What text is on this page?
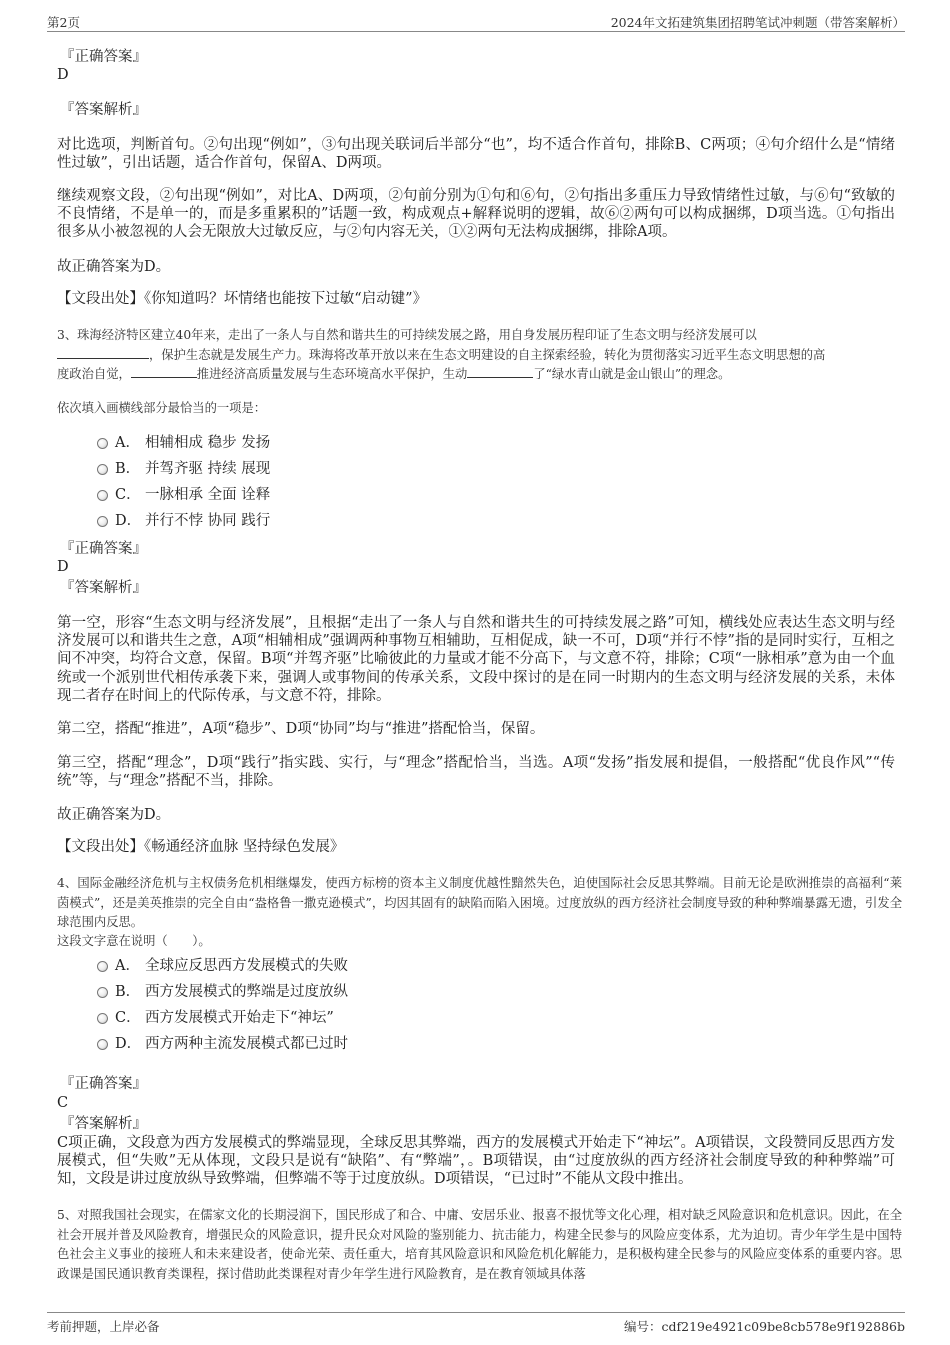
第2页	2024年文拓建筑集团招聘笔试冲刺题（带答案解析）
『正确答案』
D
『答案解析』
对比选项，判断首句。②句出现“例如”，③句出现关联词后半部分“也”，均不适合作首句，排除B、C两项；④句介绍什么是“情绪性过敏”，引出话题，适合作首句，保留A、D两项。
继续观察文段，②句出现“例如”，对比A、D两项，②句前分别为①句和⑥句，②句指出多重压力导致情绪性过敏，与⑥句“致敏的不良情绪，不是单一的，而是多重累积的”话题一致，构成观点+解释说明的逻辑，故⑥②两句可以构成捆绑，D项当选。①句指出很多从小被忽视的人会无限放大过敏反应，与②句内容无关，①②两句无法构成捆绑，排除A项。
故正确答案为D。
【文段出处】《你知道吗？坏情绪也能按下过敏“启动键”》
3、珠海经济特区建立40年来，走出了一条人与自然和谐共生的可持续发展之路，用自身发展历程印证了生态文明与经济发展可以
，保护生态就是发展生产力。珠海将改革开放以来在生态文明建设的自主探索经验，转化为贯彻落实习近平生态文明思想的高
度政治自觉，	推进经济高质量发展与生态环境高水平保护，生动	了“绿水青山就是金山银山”的理念。
依次填入画横线部分最恰当的一项是：
A． 相辅相成 稳步 发扬
B． 并驾齐驱 持续 展现
C． 一脉相承 全面 诠释
D． 并行不悖 协同 践行
『正确答案』
D
『答案解析』
第一空，形容“生态文明与经济发展”，且根据“走出了一条人与自然和谐共生的可持续发展之路”可知，横线处应表达生态文明与经济发展可以和谐共生之意，A项“相辅相成”强调两种事物互相辅助，互相促成，缺一不可，D项“并行不悖”指的是同时实行，互相之间不冲突，均符合文意，保留。B项“并驾齐驱”比喻彼此的力量或才能不分高下，与文意不符，排除；C项“一脉相承”意为由一个血统或一个派别世代相传承袭下来，强调人或事物间的传承关系，文段中探讨的是在同一时期内的生态文明与经济发展的关系，未体现二者存在时间上的代际传承，与文意不符，排除。
第二空，搭配“推进”，A项“稳步”、D项“协同”均与“推进”搭配恰当，保留。
第三空，搭配“理念”，D项“践行”指实践、实行，与“理念”搭配恰当，当选。A项“发扬”指发展和提倡，一般搭配“优良作风”“传统”等，与“理念”搭配不当，排除。
故正确答案为D。
【文段出处】《畅通经济血脉 坚持绿色发展》
4、国际金融经济危机与主权债务危机相继爆发，使西方标榜的资本主义制度优越性黯然失色，迫使国际社会反思其弊端。目前无论是欧洲推崇的高福利“莱茵模式”，还是美英推崇的完全自由“盎格鲁一撒克逊模式”，均因其固有的缺陷而陷入困境。过度放纵的西方经济社会制度导致的种种弊端暴露无遗，引发全球范围内反思。
这段文字意在说明（　　）。
A． 全球应反思西方发展模式的失败
B． 西方发展模式的弊端是过度放纵
C． 西方发展模式开始走下“神坛”
D． 西方两种主流发展模式都已过时
『正确答案』
C
『答案解析』
C项正确，文段意为西方发展模式的弊端显现，全球反思其弊端，西方的发展模式开始走下“神坛”。A项错误，文段赞同反思西方发展模式，但“失败”无从体现，文段只是说有“缺陷”、有“弊端”，。B项错误，由“过度放纵的西方经济社会制度导致的种种弊端”可知，文段是讲过度放纵导致弊端，但弊端不等于过度放纵。D项错误，“已过时”不能从文段中推出。
5、对照我国社会现实，在儒家文化的长期浸润下，国民形成了和合、中庸、安居乐业、报喜不报忧等文化心理，相对缺乏风险意识和危机意识。因此，在全社会开展并普及风险教育，增强民众的风险意识，提升民众对风险的鉴别能力、抗击能力，构建全民参与的风险应变体系，尤为迫切。青少年学生是中国特色社会主义事业的接班人和未来建设者，使命光荣、责任重大，培育其风险意识和风险危机化解能力，是积极构建全民参与的风险应变体系的重要内容。思政课是国民通识教育类课程，探讨借助此类课程对青少年学生进行风险教育，是在教育领域具体落
考前押题，上岸必备	编号：cdf219e4921c09be8cb578e9f192886b
